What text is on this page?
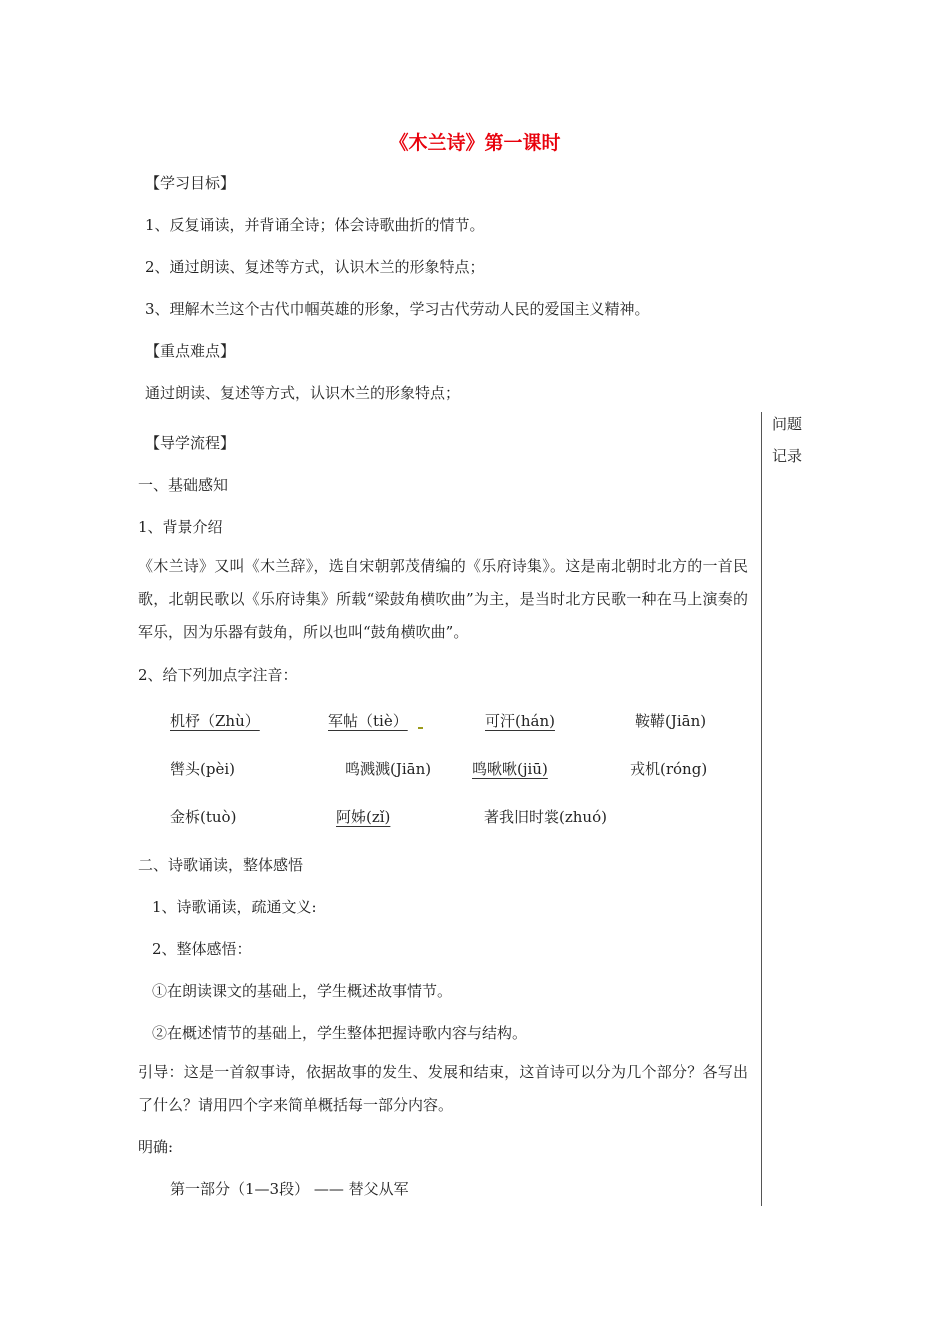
《木兰诗》第一课时
【学习目标】
1、反复诵读，并背诵全诗；体会诗歌曲折的情节。
2、通过朗读、复述等方式，认识木兰的形象特点；
3、理解木兰这个古代巾帼英雄的形象，学习古代劳动人民的爱国主义精神。
【重点难点】
通过朗读、复述等方式，认识木兰的形象特点；
问题
记录
【导学流程】
一、基础感知
1、背景介绍
《木兰诗》又叫《木兰辞》，选自宋朝郭茂倩编的《乐府诗集》。这是南北朝时北方的一首民歌，北朝民歌以《乐府诗集》所载“梁鼓角横吹曲”为主，是当时北方民歌一种在马上演奏的军乐，因为乐器有鼓角，所以也叫“鼓角横吹曲”。
2、给下列加点字注音：
机杼（Zhù）	军帖（tiè）	可汗(hán)	鞍鞯(Jiān)
辔头(pèi)	鸣溅溅(Jiān)	鸣啾啾(jiū)	戎机(róng)
金柝(tuò)	阿姊(zǐ)	著我旧时裳(zhuó)
二、诗歌诵读，整体感悟
1、诗歌诵读，疏通文义:
2、整体感悟：
①在朗读课文的基础上，学生概述故事情节。
②在概述情节的基础上，学生整体把握诗歌内容与结构。
引导：这是一首叙事诗，依据故事的发生、发展和结束，这首诗可以分为几个部分？各写出了什么？请用四个字来简单概括每一部分内容。
明确:
第一部分（1—3段） —— 替父从军
